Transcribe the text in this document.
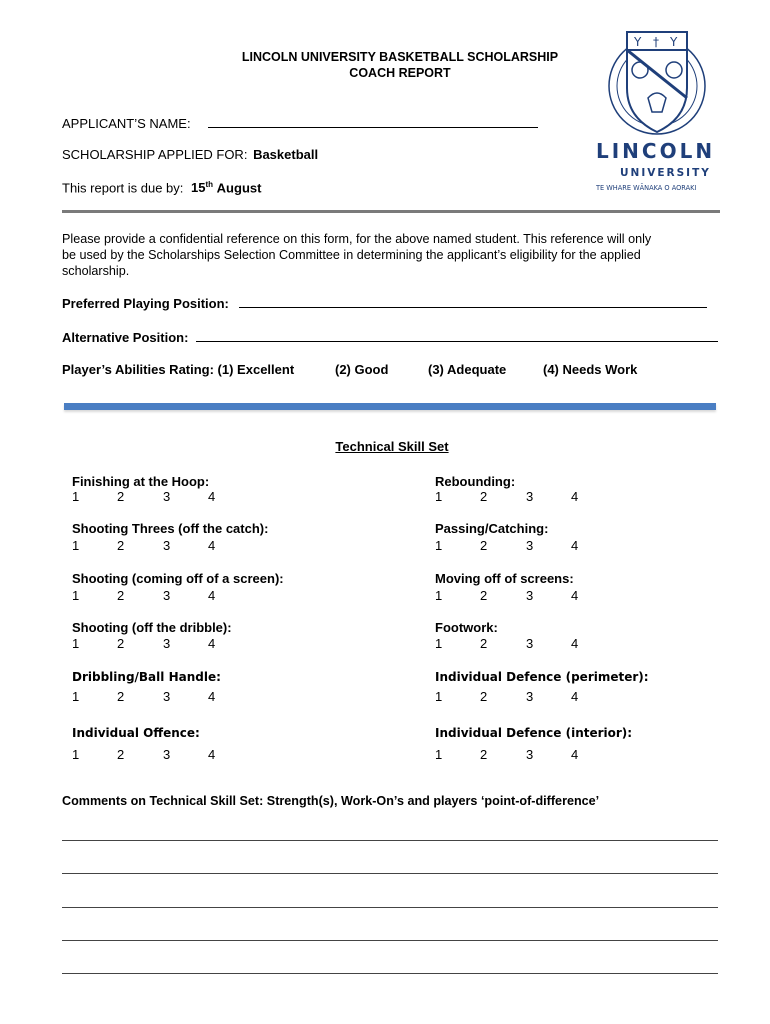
LINCOLN UNIVERSITY BASKETBALL SCHOLARSHIP
COACH REPORT
Y † Y
LINCOLN
UNIVERSITY
TE WHARE WĀNAKA O AORAKI
APPLICANT’S NAME:
SCHOLARSHIP APPLIED FOR: Basketball
This report is due by: 15th August
Please provide a confidential reference on this form, for the above named student. This reference will only
be used by the Scholarships Selection Committee in determining the applicant’s eligibility for the applied
scholarship.
Preferred Playing Position:
Alternative Position:
Player’s Abilities Rating: (1) Excellent	(2) Good	(3) Adequate	(4) Needs Work
Technical Skill Set
Finishing at the Hoop:
1	2	3	4
Shooting Threes (off the catch):
1	2	3	4
Shooting (coming off of a screen):
1	2	3	4
Shooting (off the dribble):
1	2	3	4
Dribbling/Ball Handle:
1	2	3	4
Individual Offence:
1	2	3	4
Rebounding:
1	2	3	4
Passing/Catching:
1	2	3	4
Moving off of screens:
1	2	3	4
Footwork:
1	2	3	4
Individual Defence (perimeter):
1	2	3	4
Individual Defence (interior):
1	2	3	4
Comments on Technical Skill Set: Strength(s), Work-On’s and players ‘point-of-difference’
